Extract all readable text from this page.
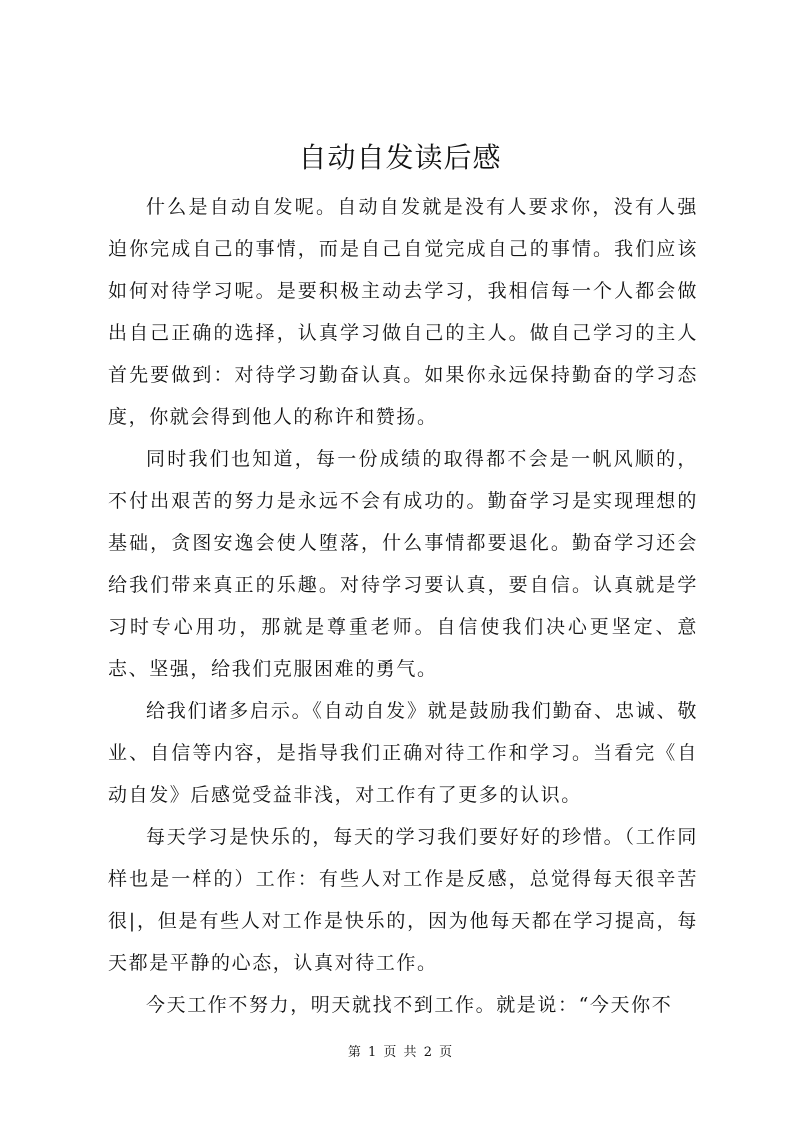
自动自发读后感

什么是自动自发呢。自动自发就是没有人要求你，没有人强迫你完成自己的事情，而是自己自觉完成自己的事情。我们应该如何对待学习呢。是要积极主动去学习，我相信每一个人都会做出自己正确的选择，认真学习做自己的主人。做自己学习的主人首先要做到：对待学习勤奋认真。如果你永远保持勤奋的学习态度，你就会得到他人的称许和赞扬。

同时我们也知道，每一份成绩的取得都不会是一帆风顺的，不付出艰苦的努力是永远不会有成功的。勤奋学习是实现理想的基础，贪图安逸会使人堕落，什么事情都要退化。勤奋学习还会给我们带来真正的乐趣。对待学习要认真，要自信。认真就是学习时专心用功，那就是尊重老师。自信使我们决心更坚定、意志、坚强，给我们克服困难的勇气。

给我们诸多启示。《自动自发》就是鼓励我们勤奋、忠诚、敬业、自信等内容，是指导我们正确对待工作和学习。当看完《自动自发》后感觉受益非浅，对工作有了更多的认识。

每天学习是快乐的，每天的学习我们要好好的珍惜。（工作同样也是一样的）工作：有些人对工作是反感，总觉得每天很辛苦很|，但是有些人对工作是快乐的，因为他每天都在学习提高，每天都是平静的心态，认真对待工作。

今天工作不努力，明天就找不到工作。就是说：“今天你不

第 1 页 共 2 页
